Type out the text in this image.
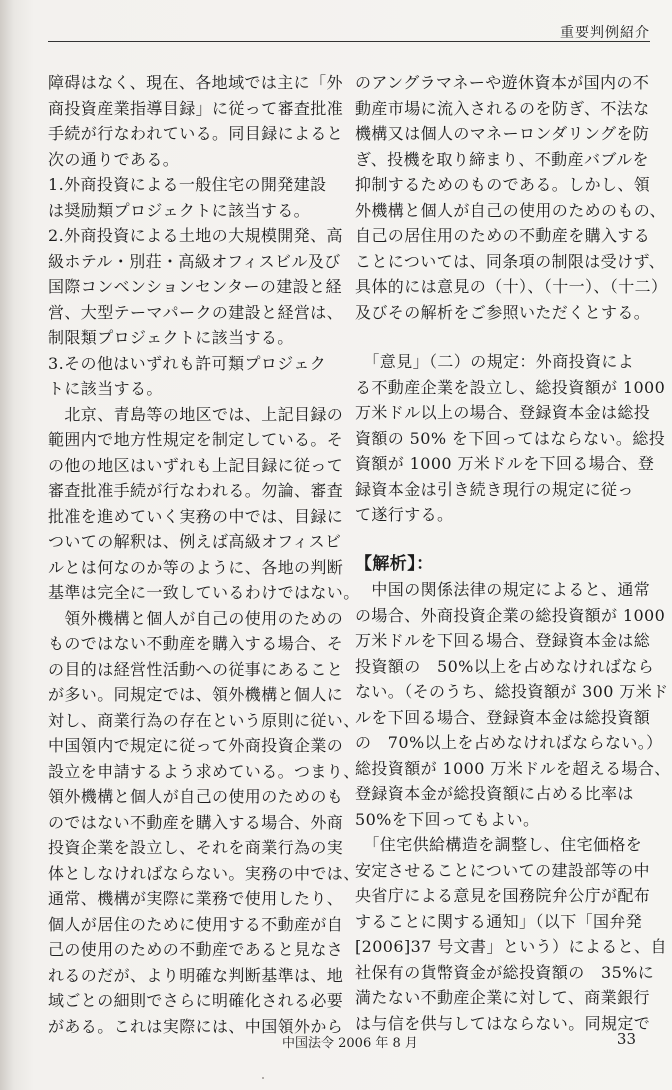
重要判例紹介

障碍はなく、現在、各地域では主に「外
商投資産業指導目録」に従って審査批准
手続が行なわれている。同目録によると
次の通りである。
1.外商投資による一般住宅の開発建設
は奨励類プロジェクトに該当する。
2.外商投資による土地の大規模開発、高
級ホテル・別荘・高級オフィスビル及び
国際コンベンションセンターの建設と経
営、大型テーマパークの建設と経営は、
制限類プロジェクトに該当する。
3.その他はいずれも許可類プロジェク
トに該当する。
　北京、青島等の地区では、上記目録の
範囲内で地方性規定を制定している。そ
の他の地区はいずれも上記目録に従って
審査批准手続が行なわれる。勿論、審査
批准を進めていく実務の中では、目録に
ついての解釈は、例えば高級オフィスビ
ルとは何なのか等のように、各地の判断
基準は完全に一致しているわけではない。
　領外機構と個人が自己の使用のための
ものではない不動産を購入する場合、そ
の目的は経営性活動への従事にあること
が多い。同規定では、領外機構と個人に
対し、商業行為の存在という原則に従い、
中国領内で規定に従って外商投資企業の
設立を申請するよう求めている。つまり、
領外機構と個人が自己の使用のためのも
のではない不動産を購入する場合、外商
投資企業を設立し、それを商業行為の実
体としなければならない。実務の中では、
通常、機構が実際に業務で使用したり、
個人が居住のために使用する不動産が自
己の使用のための不動産であると見なさ
れるのだが、より明確な判断基準は、地
域ごとの細則でさらに明確化される必要
がある。これは実際には、中国領外から

のアングラマネーや遊休資本が国内の不
動産市場に流入されるのを防ぎ、不法な
機構又は個人のマネーロンダリングを防
ぎ、投機を取り締まり、不動産バブルを
抑制するためのものである。しかし、領
外機構と個人が自己の使用のためのもの、
自己の居住用のための不動産を購入する
ことについては、同条項の制限は受けず、
具体的には意見の（十）、（十一）、（十二）
及びその解析をご参照いただくとする。

　「意見」（二）の規定：外商投資によ
る不動産企業を設立し、総投資額が 1000
万米ドル以上の場合、登録資本金は総投
資額の 50% を下回ってはならない。総投
資額が 1000 万米ドルを下回る場合、登
録資本金は引き続き現行の規定に従っ
て遂行する。

【解析】：

　中国の関係法律の規定によると、通常
の場合、外商投資企業の総投資額が 1000
万米ドルを下回る場合、登録資本金は総
投資額の　50%以上を占めなければなら
ない。（そのうち、総投資額が 300 万米ド
ルを下回る場合、登録資本金は総投資額
の　70%以上を占めなければならない。）
総投資額が 1000 万米ドルを超える場合、
登録資本金が総投資額に占める比率は
50%を下回ってもよい。
　「住宅供給構造を調整し、住宅価格を
安定させることについての建設部等の中
央省庁による意見を国務院弁公庁が配布
することに関する通知」（以下「国弁発
[2006]37 号文書」という）によると、自
社保有の貨幣資金が総投資額の　35%に
満たない不動産企業に対して、商業銀行
は与信を供与してはならない。同規定で

中国法令 2006 年 8 月	33
